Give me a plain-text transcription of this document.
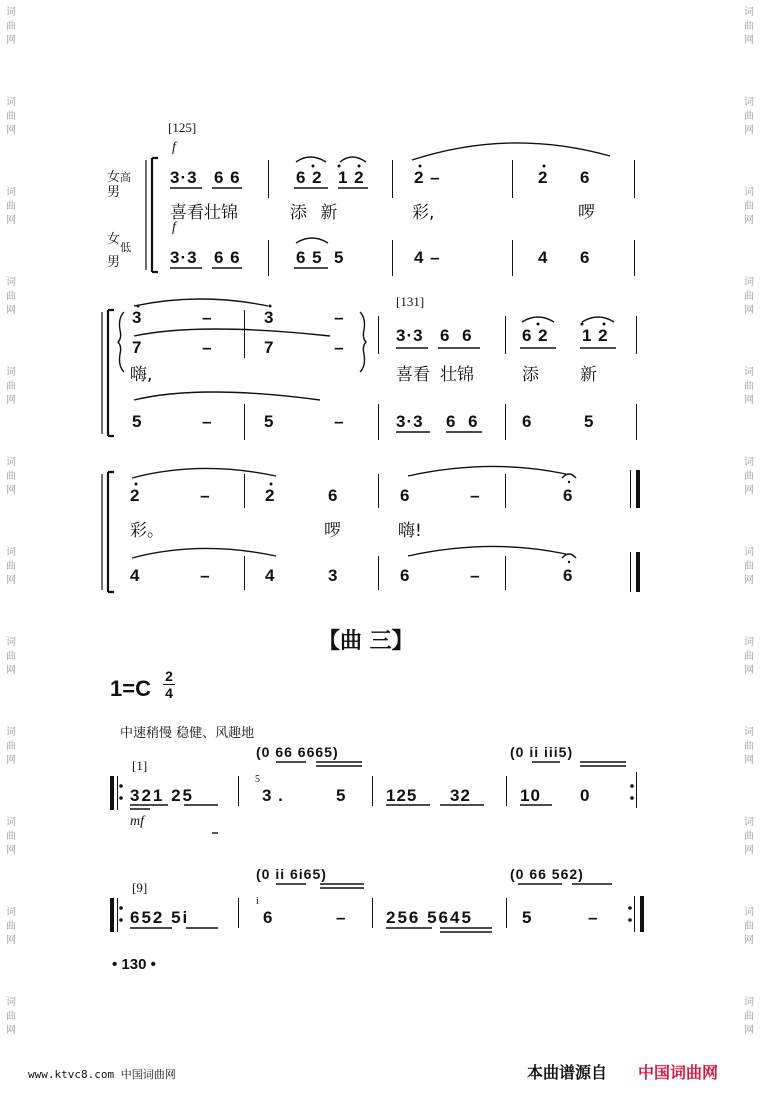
词
曲
网
词
曲
网
词
曲
网
词
曲
网
词
曲
网
词
曲
网
词
曲
网
词
曲
网
词
曲
网
词
曲
网
词
曲
网
词
曲
网
词
曲
网
词
曲
网
词
曲
网
词
曲
网
词
曲
网
词
曲
网
词
曲
网
词
曲
网
词
曲
网
词
曲
网
词
曲
网
词
曲
网
[125]
女高
男
女$_低$
男
f
f
3·3 6 6	6 2 1 2	2 –	2 6
喜看壮锦	添 新	彩,	啰
3·3 6 6	6 5 5	4 –	4 6
[131]
3 – 3 –
7 – 7 –
3·3 6 6	6 2 1 2
嗨,	喜看 壮锦	添 新
5 – 5 – 3·3 6 6 6	5
2 – 2	6	6 –	6
彩。	啰	嗨!
4 – 4	3	6 –	6
【曲 三】
1=C 2
4
中速稍慢 稳健、风趣地
[1]
(0 66 6665)	(0 ii iii5)
321 25
5
3 .	5 125 32	10 0
mf
[9]
(0 ii 6i65)	(0 66 562)
652 5i
i
6	– 256 5645	5	–
• 130 •
www.ktvc8.com 中国词曲网	本曲谱源自 中国词曲网
